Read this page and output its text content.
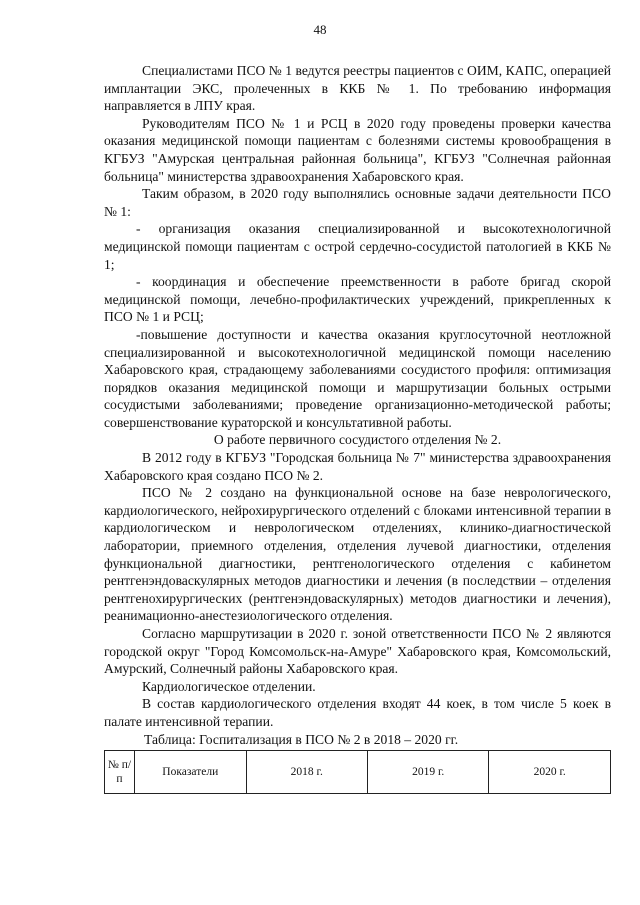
48

Специалистами ПСО № 1 ведутся реестры пациентов с ОИМ, КАПС, операцией имплантации ЭКС, пролеченных в ККБ № 1. По требованию информация направляется в ЛПУ края.

Руководителям ПСО № 1 и РСЦ в 2020 году проведены проверки качества оказания медицинской помощи пациентам с болезнями системы кровообращения в КГБУЗ "Амурская центральная районная больница", КГБУЗ "Солнечная районная больница" министерства здравоохранения Хабаровского края.

Таким образом, в 2020 году выполнялись основные задачи деятельности ПСО № 1:

- организация оказания специализированной и высокотехнологичной медицинской помощи пациентам с острой сердечно-сосудистой патологией в ККБ № 1;

- координация и обеспечение преемственности в работе бригад скорой медицинской помощи, лечебно-профилактических учреждений, прикрепленных к ПСО № 1 и РСЦ;

-повышение доступности и качества оказания круглосуточной неотложной специализированной и высокотехнологичной медицинской помощи населению Хабаровского края, страдающему заболеваниями сосудистого профиля: оптимизация порядков оказания медицинской помощи и маршрутизации больных острыми сосудистыми заболеваниями; проведение организационно-методической работы; совершенствование кураторской и консультативной работы.

О работе первичного сосудистого отделения № 2.

В 2012 году в КГБУЗ "Городская больница № 7" министерства здравоохранения Хабаровского края создано ПСО № 2.

ПСО № 2 создано на функциональной основе на базе неврологического, кардиологического, нейрохирургического отделений с блоками интенсивной терапии в кардиологическом и неврологическом отделениях, клинико-диагностической лаборатории, приемного отделения, отделения лучевой диагностики, отделения функциональной диагностики, рентгенологического отделения с кабинетом рентгенэндоваскулярных методов диагностики и лечения (в последствии – отделения рентгенохирургических (рентгенэндоваскулярных) методов диагностики и лечения), реанимационно-анестезиологического отделения.

Согласно маршрутизации в 2020 г. зоной ответственности ПСО № 2 являются городской округ "Город Комсомольск-на-Амуре" Хабаровского края, Комсомольский, Амурский, Солнечный районы Хабаровского края.

Кардиологическое отделении.

В состав кардиологического отделения входят 44 коек, в том числе 5 коек в палате интенсивной терапии.

Таблица: Госпитализация в ПСО № 2 в 2018 – 2020 гг.

№ п/п	Показатели	2018 г.	2019 г.	2020 г.
